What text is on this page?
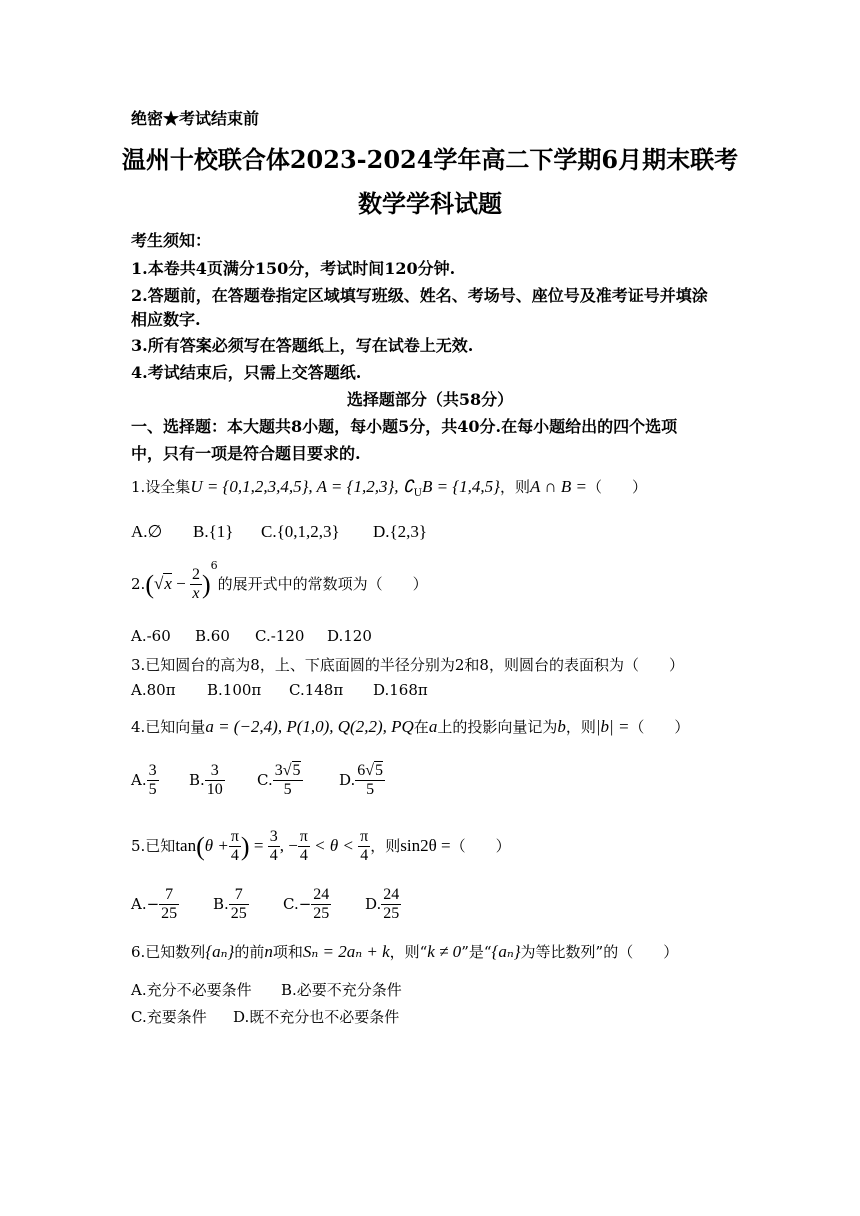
绝密★考试结束前
温州十校联合体2023-2024学年高二下学期6月期末联考
数学学科试题
考生须知：
1.本卷共4页满分150分，考试时间120分钟.
2.答题前，在答题卷指定区域填写班级、姓名、考场号、座位号及准考证号并填涂
相应数字.
3.所有答案必须写在答题纸上，写在试卷上无效.
4.考试结束后，只需上交答题纸.
选择题部分（共58分）
一、选择题：本大题共8小题，每小题5分，共40分.在每小题给出的四个选项
中，只有一项是符合题目要求的.
1.设全集U = {0,1,2,3,4,5}, A = {1,2,3}, $∁_UB = \{1,4,5\}$，则A ∩ B =（　　）
A.∅ B.{1} C.{0,1,2,3} D.{2,3}
$2.(√x - \frac{2}{x} )^6$的展开式中的常数项为（　　）
A.-60 B.60 C.-120 D.120
3.已知圆台的高为8，上、下底面圆的半径分别为2和8，则圆台的表面积为（　　）
A.80π B.100π C.148π D.168π
4.已知向量a = (−2,4), P(1,0), Q(2,2), PQ在a上的投影向量记为b，则|b| =（　　）
A. $\frac{3}{5} B$. $\frac{3}{10} C$. $\frac{3√5}{5} D$. $\frac{6√5}{5}$
5.已知$\tan(\theta + \frac{\pi}{4}$ ) = $\frac{3}{4}$ , − $\frac{\pi}{4} < \theta < \frac{\pi}{4}$ ，则sin2θ =（　　）
$A.- \frac{7}{25} B$. $\frac{7}{25} C.- \frac{24}{25} D$. $\frac{24}{25}$
6.已知数列{aₙ}的前n项和Sₙ = 2aₙ + k，则“k ≠ 0”是“{aₙ}为等比数列”的（　　）
A.充分不必要条件 B.必要不充分条件
C.充要条件 D.既不充分也不必要条件
